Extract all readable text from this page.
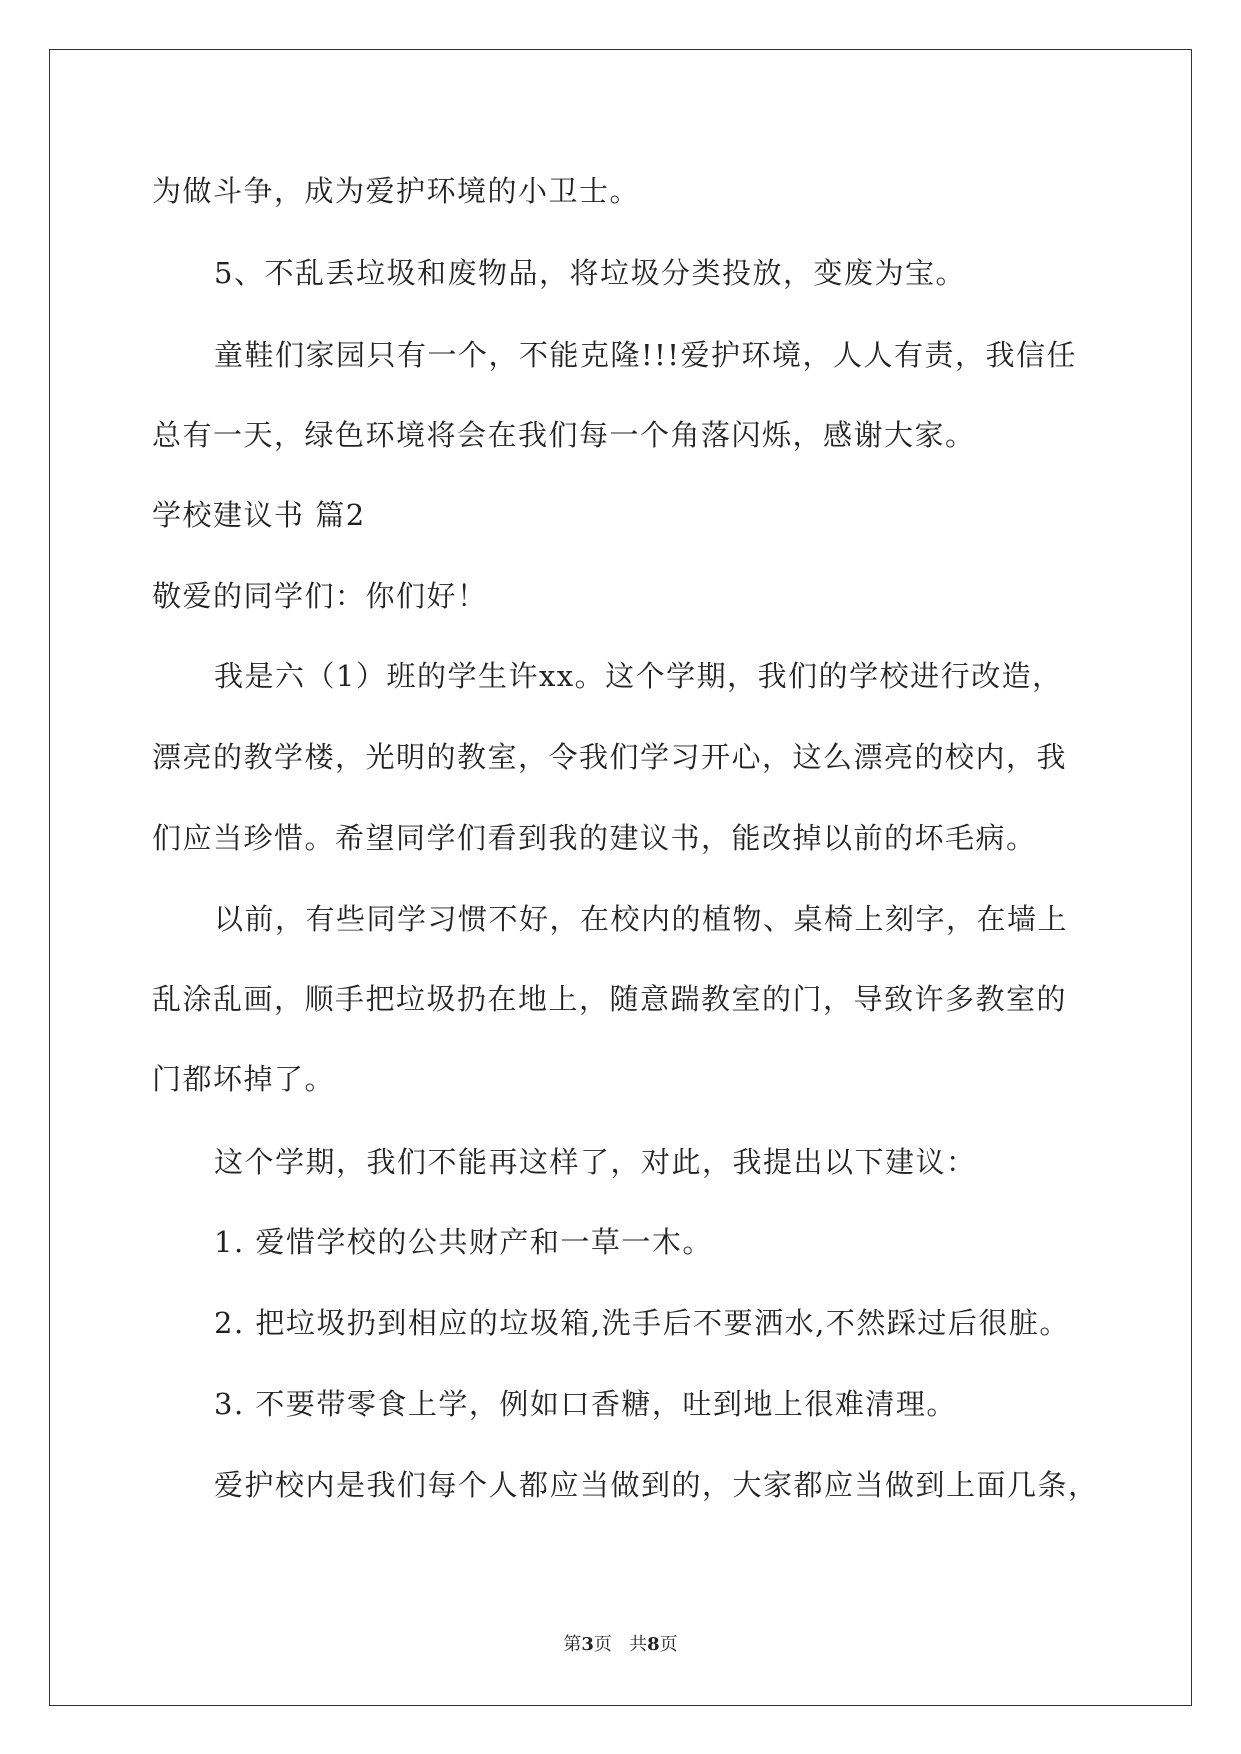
为做斗争，成为爱护环境的小卫士。
5、不乱丢垃圾和废物品，将垃圾分类投放，变废为宝。
童鞋们家园只有一个，不能克隆!!!爱护环境，人人有责，我信任
总有一天，绿色环境将会在我们每一个角落闪烁，感谢大家。
学校建议书 篇2
敬爱的同学们：你们好！
我是六（1）班的学生许xx。这个学期，我们的学校进行改造，
漂亮的教学楼，光明的教室，令我们学习开心，这么漂亮的校内，我
们应当珍惜。希望同学们看到我的建议书，能改掉以前的坏毛病。
以前，有些同学习惯不好，在校内的植物、桌椅上刻字，在墙上
乱涂乱画，顺手把垃圾扔在地上，随意踹教室的门，导致许多教室的
门都坏掉了。
这个学期，我们不能再这样了，对此，我提出以下建议：
1. 爱惜学校的公共财产和一草一木。
2. 把垃圾扔到相应的垃圾箱,洗手后不要洒水,不然踩过后很脏。
3. 不要带零食上学，例如口香糖，吐到地上很难清理。
爱护校内是我们每个人都应当做到的，大家都应当做到上面几条，
第3页   共8页
